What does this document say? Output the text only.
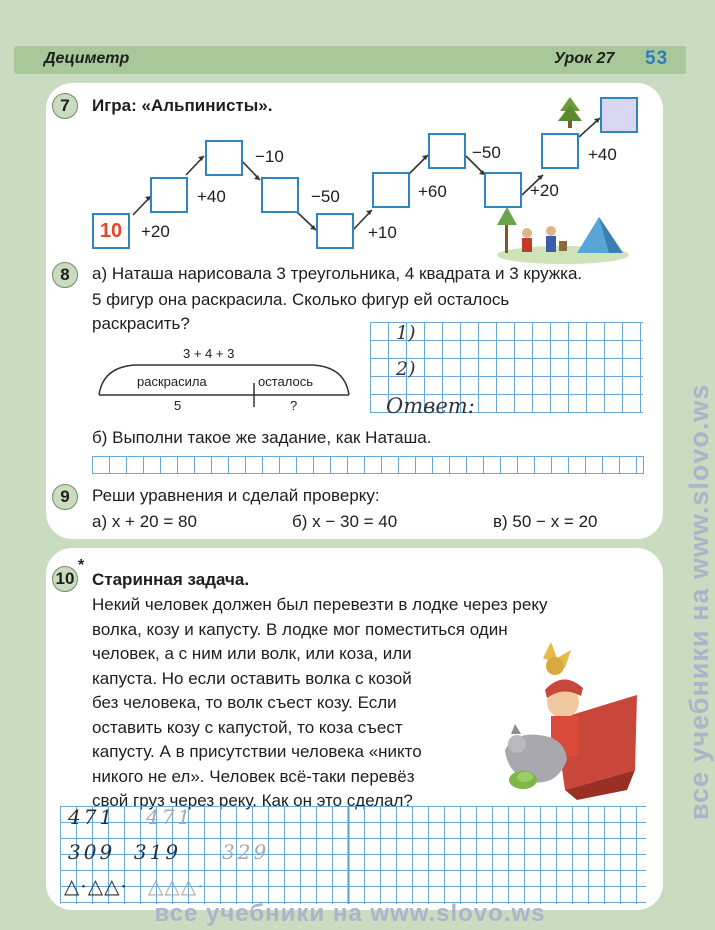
Дециметр	Урок 27 53
7	Игра: «Альпинисты».
10	+20
+40
−10
−50
+10
+60
−50
+20
+40
8	а) Наташа нарисовала 3 треугольника, 4 квадрата и 3 кружка.
5 фигур она раскрасила. Сколько фигур ей осталось
раскрасить?
3 + 4 + 3
раскрасила	осталось
5	?
1)
2)
Ответ:
б) Выполни такое же задание, как Наташа.
9	Реши уравнения и сделай проверку:
а) х + 20 = 80	б) х − 30 = 40	в) 50 − х = 20
10
*
Старинная задача.
Некий человек должен был перевезти в лодке через реку
волка, козу и капусту. В лодке мог поместиться один
человек, а с ним или волк, или коза, или
капуста. Но если оставить волка с козой
без человека, то волк съест козу. Если
оставить козу с капустой, то коза съест
капусту. А в присутствии человека «никто
никого не ел». Человек всё-таки перевёз
свой груз через реку. Как он это сделал?
471 471
309  319 329
△·△△· △△△·
все учебники на www.slovo.ws
все учебники на www.slovo.ws
